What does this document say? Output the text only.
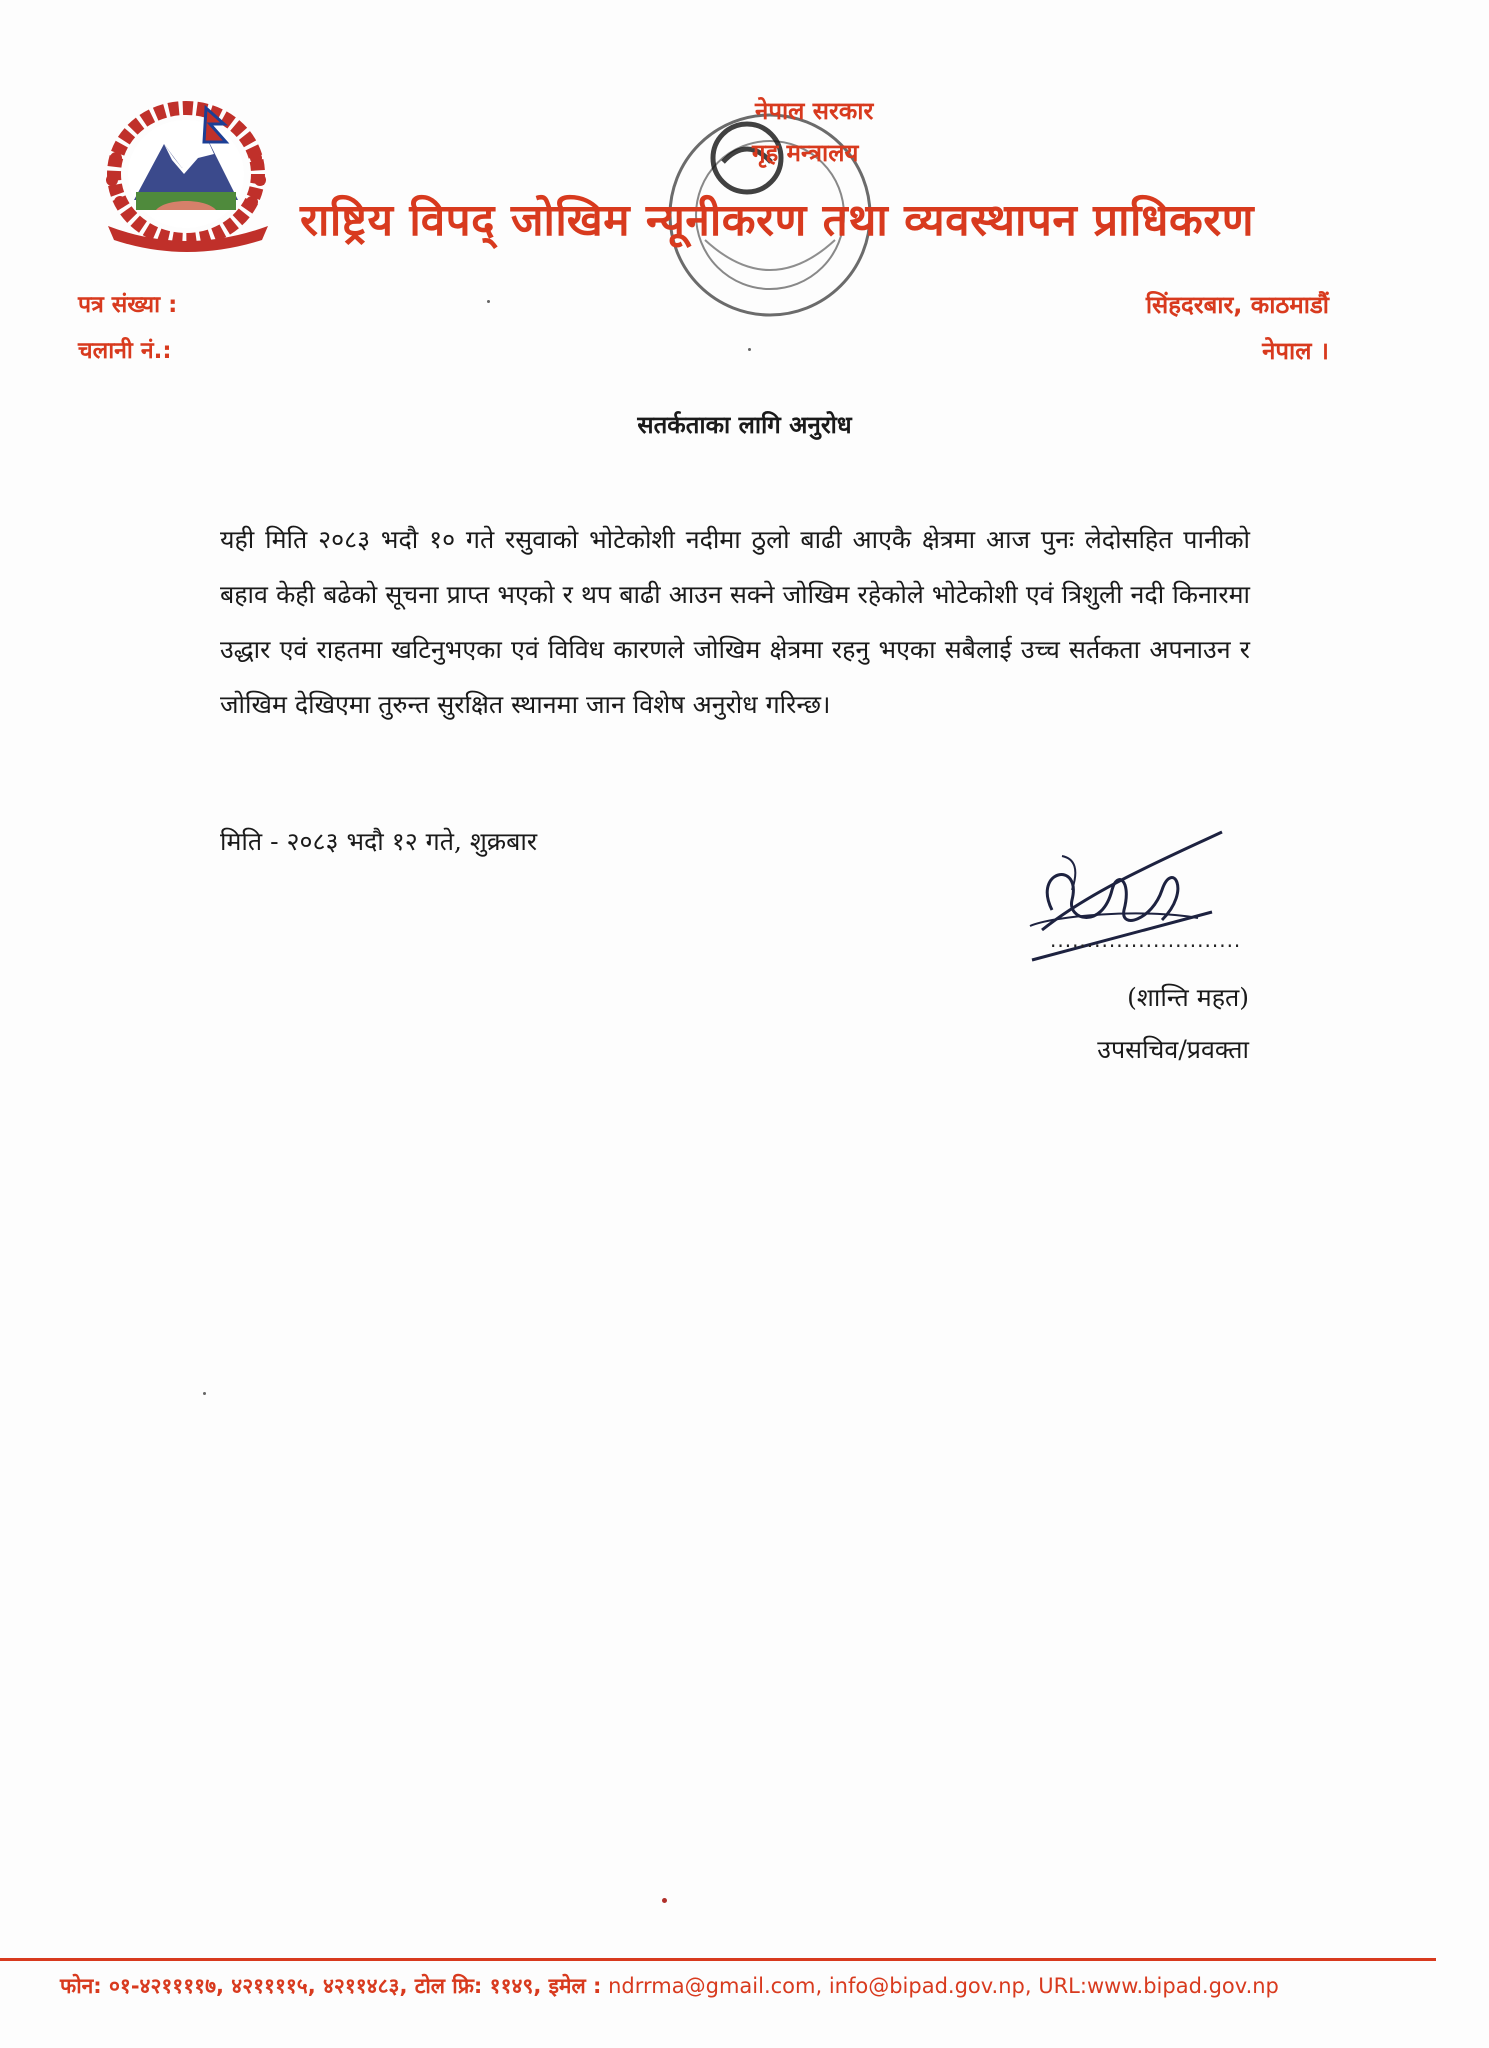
नेपाल सरकार
गृह मन्त्रालय
राष्ट्रिय विपद् जोखिम न्यूनीकरण तथा व्यवस्थापन प्राधिकरण
पत्र संख्या :
चलानी नं.:
सिंहदरबार, काठमाडौं
नेपाल ।
सतर्कताका लागि अनुरोध
यही मिति २०८३ भदौ १० गते रसुवाको भोटेकोशी नदीमा ठुलो बाढी आएकै क्षेत्रमा आज पुनः लेदोसहित पानीको बहाव केही बढेको सूचना प्राप्त भएको र थप बाढी आउन सक्ने जोखिम रहेकोले भोटेकोशी एवं त्रिशुली नदी किनारमा उद्धार एवं राहतमा खटिनुभएका एवं विविध कारणले जोखिम क्षेत्रमा रहनु भएका सबैलाई उच्च सर्तकता अपनाउन र जोखिम देखिएमा तुरुन्त सुरक्षित स्थानमा जान विशेष अनुरोध गरिन्छ।
मिति - २०८३ भदौ १२ गते, शुक्रबार
..........................
(शान्ति महत)
उपसचिव/प्रवक्ता
फोन: ०१-४२११११७, ४२११११५, ४२११४८३, टोल फ्रि: ११४९, इमेल : ndrrma@gmail.com, info@bipad.gov.np, URL:www.bipad.gov.np
